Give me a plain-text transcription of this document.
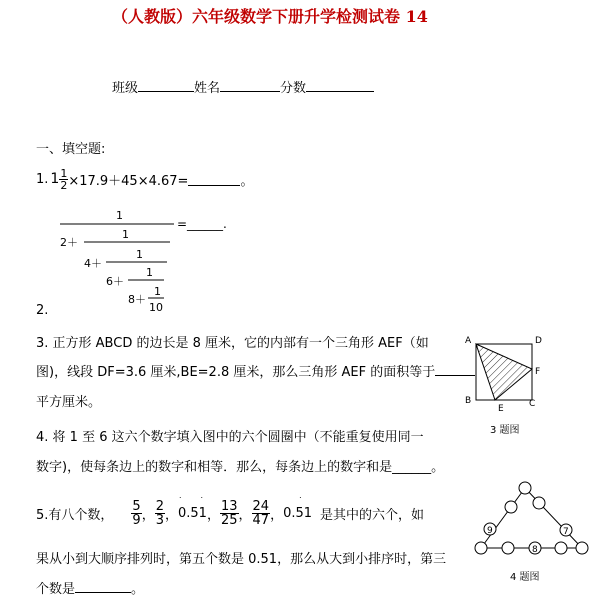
（人教版）六年级数学下册升学检测试卷 14
班级	姓名	分数
一、填空题:
1. $1 \frac{1}{2} \times 17.9+45\times 4.67=$	。
1
=______.
2＋
1
4＋
1
6＋
1
8＋
1
10
2.
3. 正方形 ABCD 的边长是 8 厘米，它的内部有一个三角形 AEF（如
图)，线段 DF=3.6 厘米,BE=2.8 厘米，那么三角形 AEF 的面积等于
平方厘米。
A	D
F
B
E	C
3 题图
4. 将 1 至 6 这六个数字填入图中的六个圆圈中（不能重复使用同一
数字)，使每条边上的数字和相等．那么，每条边上的数字和是______。
5.有八个数， $\frac{5}{9}$ ， $\frac{2}{3}$ ， 0.51
˙˙
， $\frac{13}{25}$ ， $\frac{24}{47}$ ， 0.51
˙
是其中的六个，如
果从小到大顺序排列时，第五个数是 0.51，那么从大到小排序时，第三
个数是	。
9	7
8
4 题图
